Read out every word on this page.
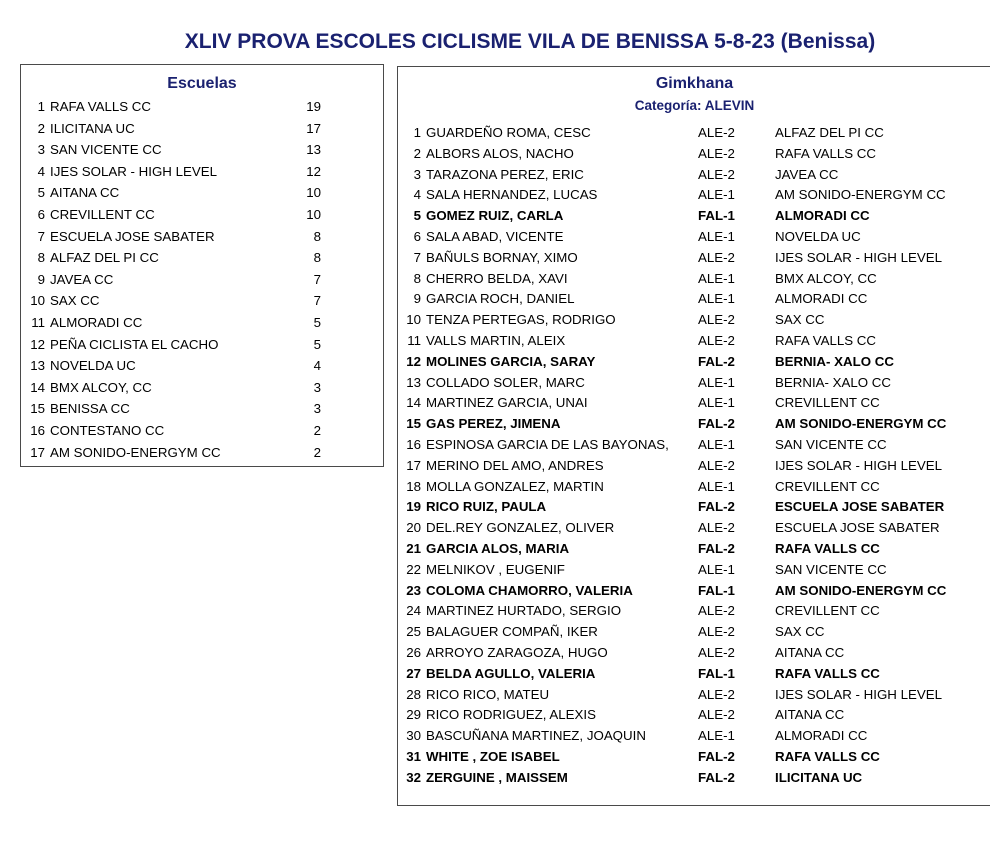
XLIV PROVA ESCOLES CICLISME VILA DE BENISSA 5-8-23 (Benissa)
Escuelas
1 RAFA VALLS CC	19
2 ILICITANA UC	17
3 SAN VICENTE CC	13
4 IJES SOLAR - HIGH LEVEL	12
5 AITANA CC	10
6 CREVILLENT CC	10
7 ESCUELA JOSE SABATER	8
8 ALFAZ DEL PI CC	8
9 JAVEA CC	7
10 SAX CC	7
11 ALMORADI CC	5
12 PEÑA CICLISTA EL CACHO	5
13 NOVELDA UC	4
14 BMX ALCOY, CC	3
15 BENISSA CC	3
16 CONTESTANO CC	2
17 AM SONIDO-ENERGYM CC	2
Gimkhana
Categoría: ALEVIN
1 GUARDEÑO ROMA, CESC	ALE-2	ALFAZ DEL PI CC
2 ALBORS ALOS, NACHO	ALE-2	RAFA VALLS CC
3 TARAZONA PEREZ, ERIC	ALE-2	JAVEA CC
4 SALA HERNANDEZ, LUCAS	ALE-1	AM SONIDO-ENERGYM CC
5 GOMEZ RUIZ, CARLA	FAL-1	ALMORADI CC
6 SALA ABAD, VICENTE	ALE-1	NOVELDA UC
7 BAÑULS BORNAY, XIMO	ALE-2	IJES SOLAR - HIGH LEVEL
8 CHERRO BELDA, XAVI	ALE-1	BMX ALCOY, CC
9 GARCIA ROCH, DANIEL	ALE-1	ALMORADI CC
10 TENZA PERTEGAS, RODRIGO	ALE-2	SAX CC
11 VALLS MARTIN, ALEIX	ALE-2	RAFA VALLS CC
12 MOLINES GARCIA, SARAY	FAL-2	BERNIA- XALO CC
13 COLLADO SOLER, MARC	ALE-1	BERNIA- XALO CC
14 MARTINEZ GARCIA, UNAI	ALE-1	CREVILLENT CC
15 GAS PEREZ, JIMENA	FAL-2	AM SONIDO-ENERGYM CC
16 ESPINOSA GARCIA DE LAS BAYONAS, ALE-1	SAN VICENTE CC
17 MERINO DEL AMO, ANDRES	ALE-2	IJES SOLAR - HIGH LEVEL
18 MOLLA GONZALEZ, MARTIN	ALE-1	CREVILLENT CC
19 RICO RUIZ, PAULA	FAL-2	ESCUELA JOSE SABATER
20 DEL.REY GONZALEZ, OLIVER	ALE-2	ESCUELA JOSE SABATER
21 GARCIA ALOS, MARIA	FAL-2	RAFA VALLS CC
22 MELNIKOV , EUGENIF	ALE-1	SAN VICENTE CC
23 COLOMA CHAMORRO, VALERIA	FAL-1	AM SONIDO-ENERGYM CC
24 MARTINEZ HURTADO, SERGIO	ALE-2	CREVILLENT CC
25 BALAGUER COMPAÑ, IKER	ALE-2	SAX CC
26 ARROYO ZARAGOZA, HUGO	ALE-2	AITANA CC
27 BELDA AGULLO, VALERIA	FAL-1	RAFA VALLS CC
28 RICO RICO, MATEU	ALE-2	IJES SOLAR - HIGH LEVEL
29 RICO RODRIGUEZ, ALEXIS	ALE-2	AITANA CC
30 BASCUÑANA MARTINEZ, JOAQUIN	ALE-1	ALMORADI CC
31 WHITE , ZOE ISABEL	FAL-2	RAFA VALLS CC
32 ZERGUINE , MAISSEM	FAL-2	ILICITANA UC
